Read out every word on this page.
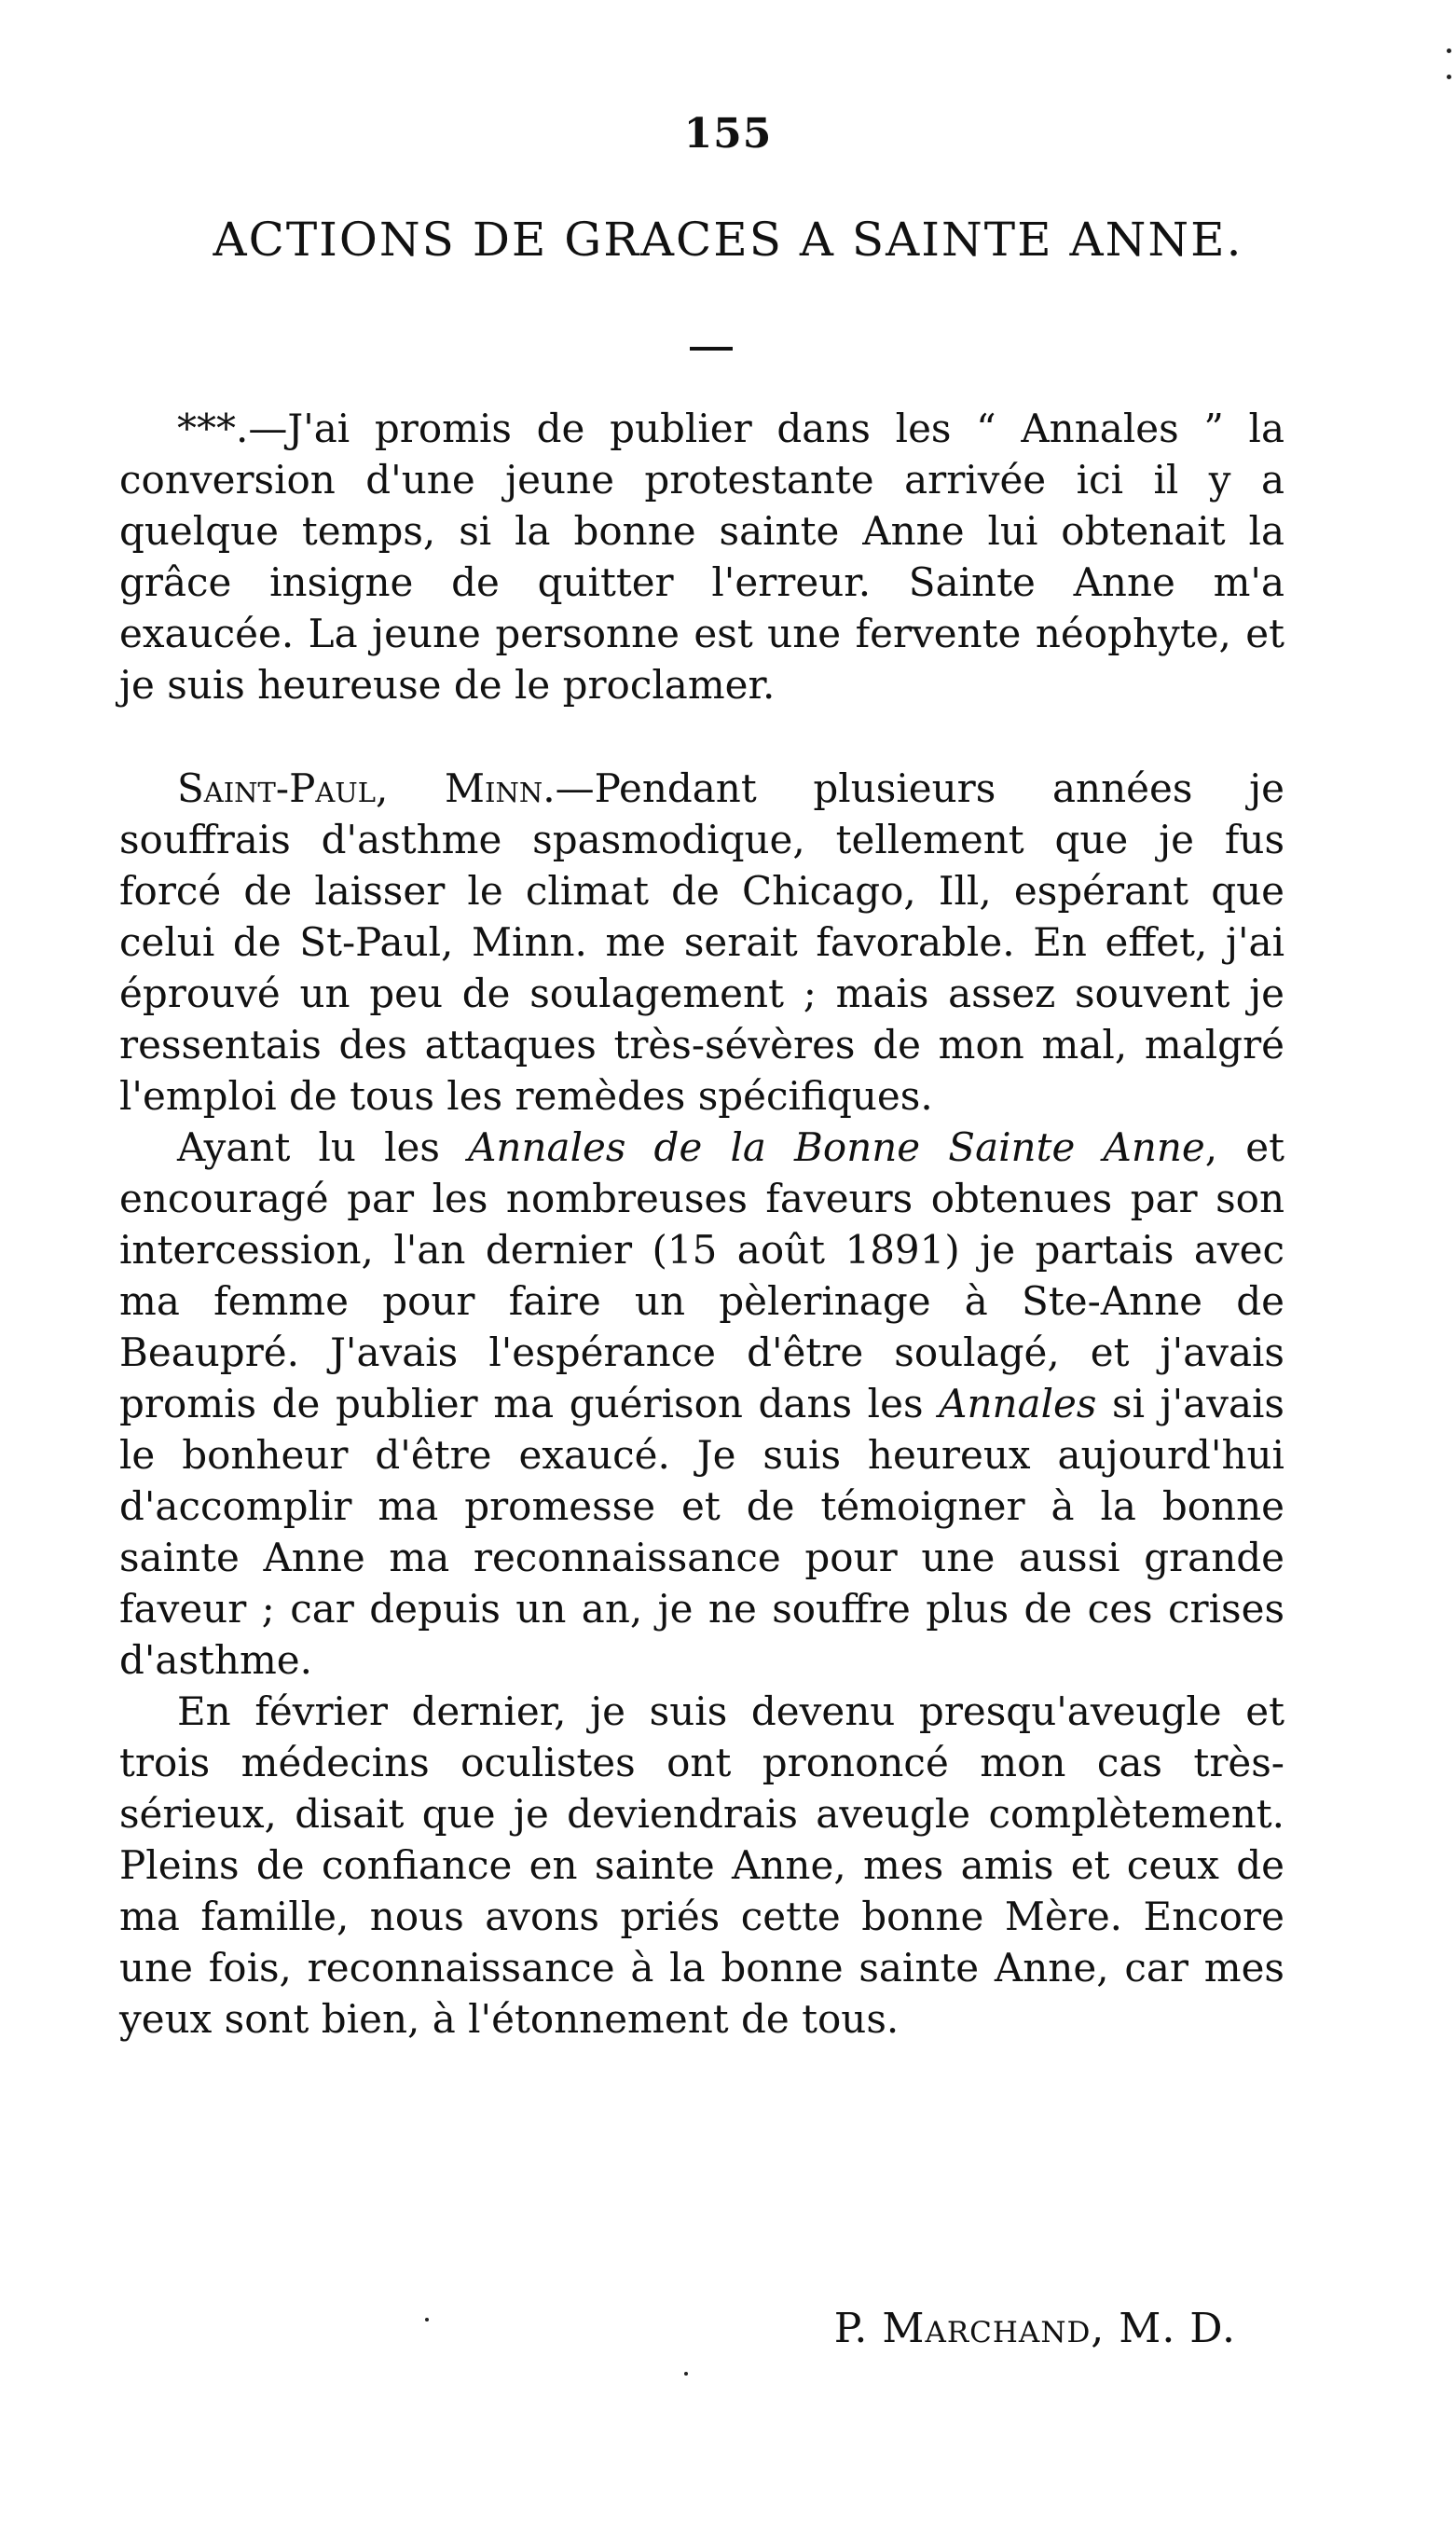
155
ACTIONS DE GRACES A SAINTE ANNE.

***.—J'ai promis de publier dans les “ Annales ” la conversion d'une jeune protestante arrivée ici il y a quelque temps, si la bonne sainte Anne lui obtenait la grâce insigne de quitter l'erreur. Sainte Anne m'a exaucée. La jeune personne est une fervente néophyte, et je suis heureuse de le proclamer.

Saint-Paul, Minn.—Pendant plusieurs années je souffrais d'asthme spasmodique, tellement que je fus forcé de laisser le climat de Chicago, Ill, espérant que celui de St-Paul, Minn. me serait favorable. En effet, j'ai éprouvé un peu de soulagement ; mais assez souvent je ressentais des attaques très-sévères de mon mal, malgré l'emploi de tous les remèdes spécifiques.

Ayant lu les Annales de la Bonne Sainte Anne, et encouragé par les nombreuses faveurs obtenues par son intercession, l'an dernier (15 août 1891) je partais avec ma femme pour faire un pèlerinage à Ste-Anne de Beaupré. J'avais l'espérance d'être soulagé, et j'avais promis de publier ma guérison dans les Annales si j'avais le bonheur d'être exaucé. Je suis heureux aujourd'hui d'accomplir ma promesse et de témoigner à la bonne sainte Anne ma reconnaissance pour une aussi grande faveur ; car depuis un an, je ne souffre plus de ces crises d'asthme.

En février dernier, je suis devenu presqu'aveugle et trois médecins oculistes ont prononcé mon cas très-sérieux, disait que je deviendrais aveugle complètement. Pleins de confiance en sainte Anne, mes amis et ceux de ma famille, nous avons priés cette bonne Mère. Encore une fois, reconnaissance à la bonne sainte Anne, car mes yeux sont bien, à l'étonnement de tous.

P. Marchand, M. D.
